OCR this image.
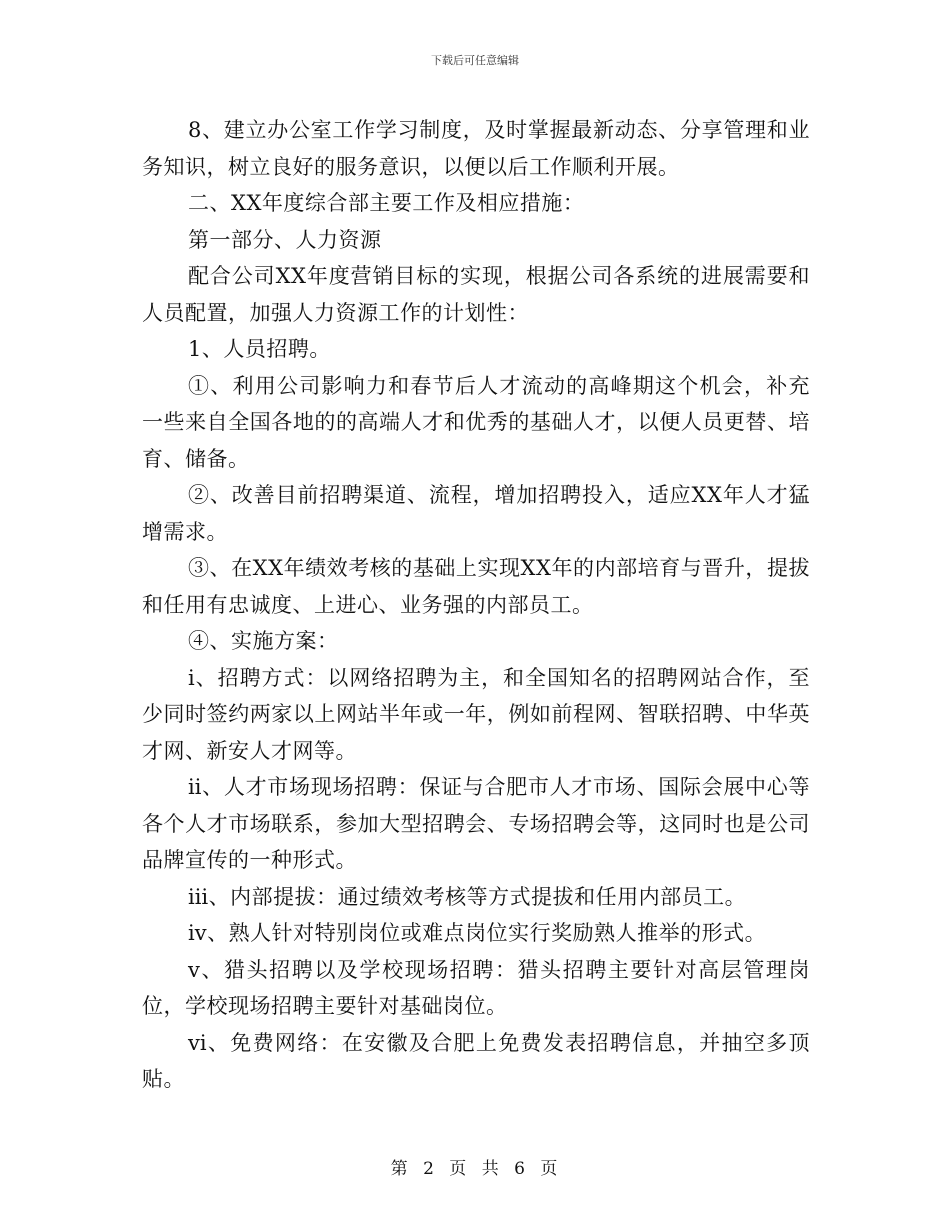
下载后可任意编辑

8、建立办公室工作学习制度，及时掌握最新动态、分享管理和业务知识，树立良好的服务意识，以便以后工作顺利开展。

二、XX年度综合部主要工作及相应措施：

第一部分、人力资源

配合公司XX年度营销目标的实现，根据公司各系统的进展需要和人员配置，加强人力资源工作的计划性：

1、人员招聘。

①、利用公司影响力和春节后人才流动的高峰期这个机会，补充一些来自全国各地的的高端人才和优秀的基础人才，以便人员更替、培育、储备。

②、改善目前招聘渠道、流程，增加招聘投入，适应XX年人才猛增需求。

③、在XX年绩效考核的基础上实现XX年的内部培育与晋升，提拔和任用有忠诚度、上进心、业务强的内部员工。

④、实施方案：

ⅰ、招聘方式：以网络招聘为主，和全国知名的招聘网站合作，至少同时签约两家以上网站半年或一年，例如前程网、智联招聘、中华英才网、新安人才网等。

ⅱ、人才市场现场招聘：保证与合肥市人才市场、国际会展中心等各个人才市场联系，参加大型招聘会、专场招聘会等，这同时也是公司品牌宣传的一种形式。

ⅲ、内部提拔：通过绩效考核等方式提拔和任用内部员工。

ⅳ、熟人针对特别岗位或难点岗位实行奖励熟人推举的形式。

ⅴ、猎头招聘以及学校现场招聘：猎头招聘主要针对高层管理岗位，学校现场招聘主要针对基础岗位。

ⅵ、免费网络：在安徽及合肥上免费发表招聘信息，并抽空多顶贴。

第 2 页 共 6 页
